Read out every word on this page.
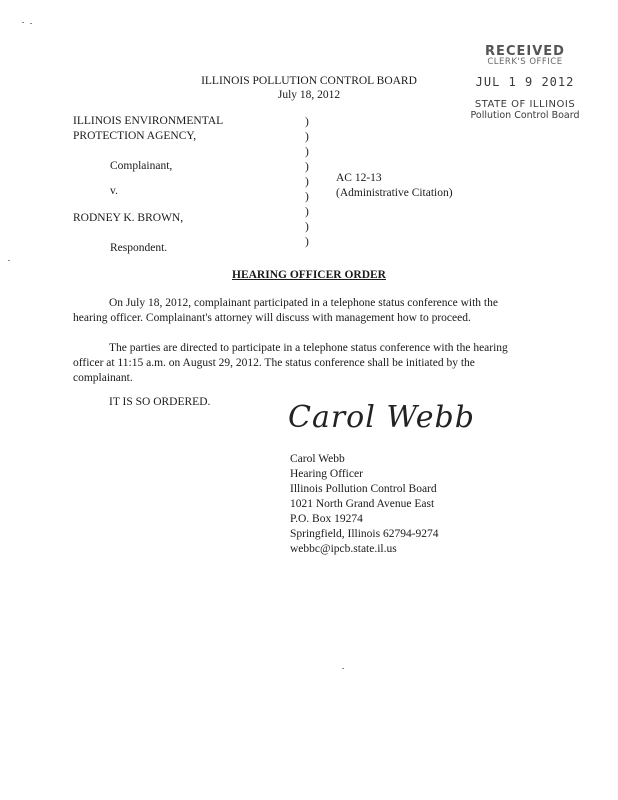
RECEIVED
CLERK'S OFFICE
JUL 1 9 2012
STATE OF ILLINOIS
Pollution Control Board
ILLINOIS POLLUTION CONTROL BOARD
July 18, 2012
ILLINOIS ENVIRONMENTAL
PROTECTION AGENCY,
Complainant,
v.
RODNEY K. BROWN,
Respondent.
)
)
)
)
)
)
)
)
)
AC 12-13
(Administrative Citation)
HEARING OFFICER ORDER
On July 18, 2012, complainant participated in a telephone status conference with the
hearing officer. Complainant's attorney will discuss with management how to proceed.
The parties are directed to participate in a telephone status conference with the hearing
officer at 11:15 a.m. on August 29, 2012. The status conference shall be initiated by the
complainant.
IT IS SO ORDERED.	Carol Webb
Carol Webb
Hearing Officer
Illinois Pollution Control Board
1021 North Grand Avenue East
P.O. Box 19274
Springfield, Illinois 62794-9274
webbc@ipcb.state.il.us
